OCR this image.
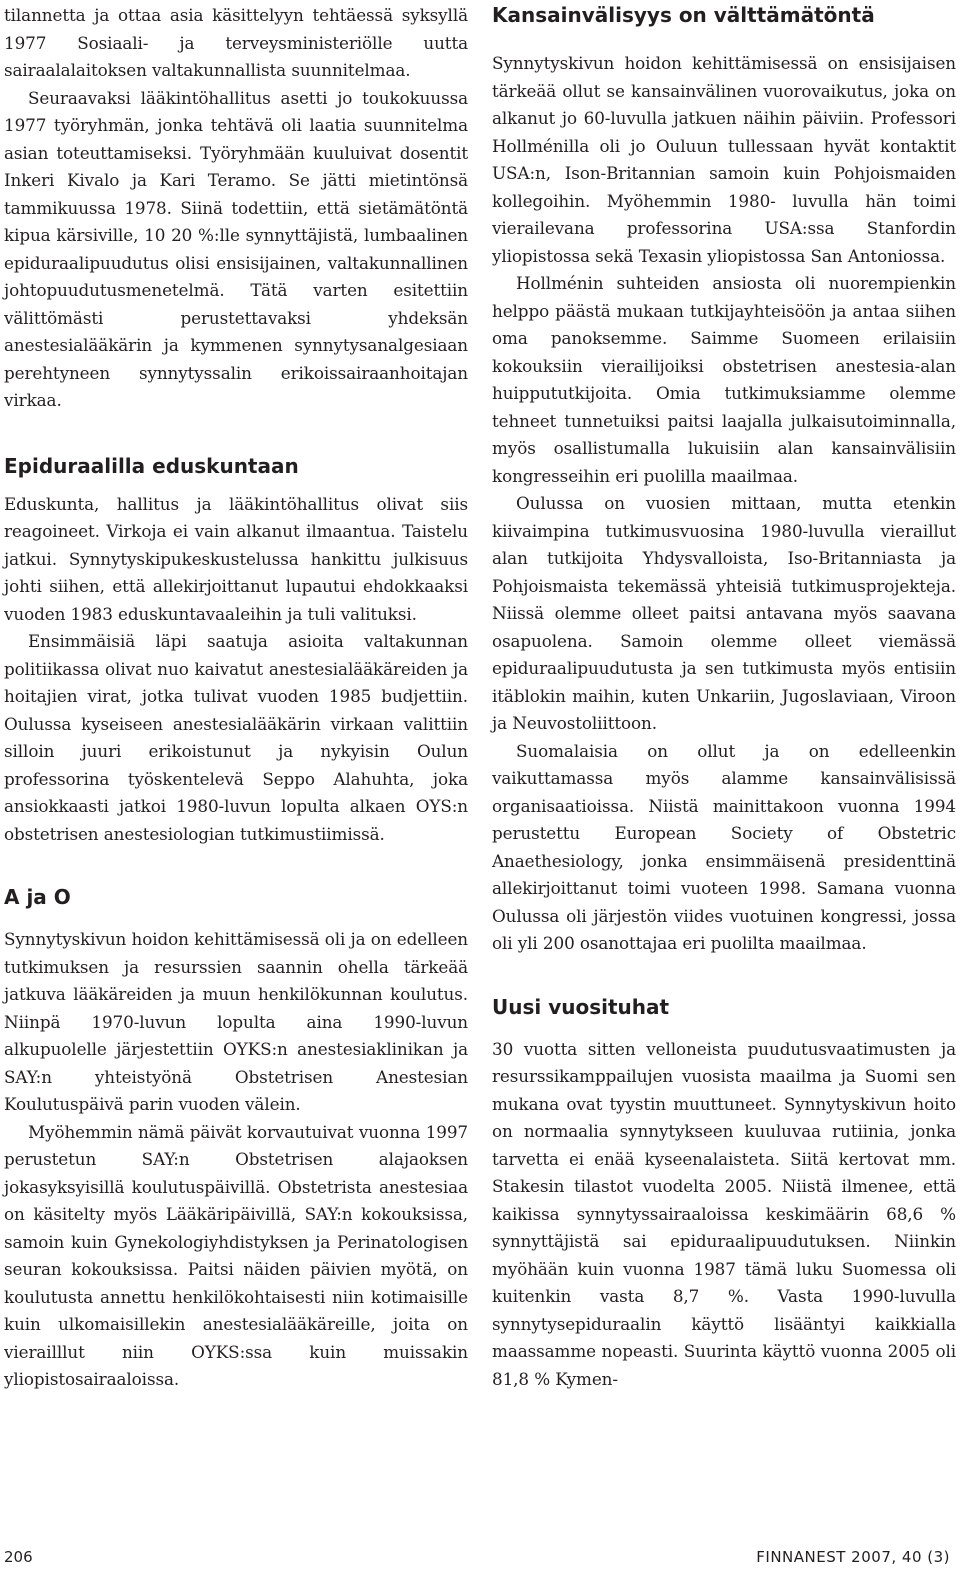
tilannetta ja ottaa asia käsittelyyn tehtäessä syksyllä 1977 Sosiaali- ja terveysministeriölle uutta sairaalalaitoksen valtakunnallista suunnitelmaa.

Seuraavaksi lääkintöhallitus asetti jo toukokuussa 1977 työryhmän, jonka tehtävä oli laatia suunnitelma asian toteuttamiseksi. Työryhmään kuuluivat dosentit Inkeri Kivalo ja Kari Teramo. Se jätti mietintönsä tammikuussa 1978. Siinä todettiin, että sietämätöntä kipua kärsiville, 10 20 %:lle synnyttäjistä, lumbaalinen epiduraalipuudutus olisi ensisijainen, valtakunnallinen johtopuudutusmenetelmä. Tätä varten esitettiin välittömästi perustettavaksi yhdeksän anestesialääkärin ja kymmenen synnytysanalgesiaan perehtyneen synnytyssalin erikoissairaanhoitajan virkaa.

Epiduraalilla eduskuntaan

Eduskunta, hallitus ja lääkintöhallitus olivat siis reagoineet. Virkoja ei vain alkanut ilmaantua. Taistelu jatkui. Synnytyskipukeskustelussa hankittu julkisuus johti siihen, että allekirjoittanut lupautui ehdokkaaksi vuoden 1983 eduskuntavaaleihin ja tuli valituksi.

Ensimmäisiä läpi saatuja asioita valtakunnan politiikassa olivat nuo kaivatut anestesialääkäreiden ja hoitajien virat, jotka tulivat vuoden 1985 budjettiin. Oulussa kyseiseen anestesialääkärin virkaan valittiin silloin juuri erikoistunut ja nykyisin Oulun professorina työskentelevä Seppo Alahuhta, joka ansiokkaasti jatkoi 1980-luvun lopulta alkaen OYS:n obstetrisen anestesiologian tutkimustiimissä.

A ja O

Synnytyskivun hoidon kehittämisessä oli ja on edelleen tutkimuksen ja resurssien saannin ohella tärkeää jatkuva lääkäreiden ja muun henkilökunnan koulutus. Niinpä 1970-luvun lopulta aina 1990-luvun alkupuolelle järjestettiin OYKS:n anestesiaklinikan ja SAY:n yhteistyönä Obstetrisen Anestesian Koulutuspäivä parin vuoden välein.

Myöhemmin nämä päivät korvautuivat vuonna 1997 perustetun SAY:n Obstetrisen alajaoksen jokasyksyisillä koulutuspäivillä. Obstetrista anestesiaa on käsitelty myös Lääkäripäivillä, SAY:n kokouksissa, samoin kuin Gynekologiyhdistyksen ja Perinatologisen seuran kokouksissa. Paitsi näiden päivien myötä, on koulutusta annettu henkilökohtaisesti niin kotimaisille kuin ulkomaisillekin anestesialääkäreille, joita on vierailllut niin OYKS:ssa kuin muissakin yliopistosairaaloissa.

Kansainvälisyys on välttämätöntä

Synnytyskivun hoidon kehittämisessä on ensisijaisen tärkeää ollut se kansainvälinen vuorovaikutus, joka on alkanut jo 60-luvulla jatkuen näihin päiviin. Professori Hollménilla oli jo Ouluun tullessaan hyvät kontaktit USA:n, Ison-Britannian samoin kuin Pohjoismaiden kollegoihin. Myöhemmin 1980- luvulla hän toimi vierailevana professorina USA:ssa Stanfordin yliopistossa sekä Texasin yliopistossa San Antoniossa.

Hollménin suhteiden ansiosta oli nuorempienkin helppo päästä mukaan tutkijayhteisöön ja antaa siihen oma panoksemme. Saimme Suomeen erilaisiin kokouksiin vierailijoiksi obstetrisen anestesia-alan huippututkijoita. Omia tutkimuksiamme olemme tehneet tunnetuiksi paitsi laajalla julkaisutoiminnalla, myös osallistumalla lukuisiin alan kansainvälisiin kongresseihin eri puolilla maailmaa.

Oulussa on vuosien mittaan, mutta etenkin kiivaimpina tutkimusvuosina 1980-luvulla vieraillut alan tutkijoita Yhdysvalloista, Iso-Britanniasta ja Pohjoismaista tekemässä yhteisiä tutkimusprojekteja. Niissä olemme olleet paitsi antavana myös saavana osapuolena. Samoin olemme olleet viemässä epiduraalipuudutusta ja sen tutkimusta myös entisiin itäblokin maihin, kuten Unkariin, Jugoslaviaan, Viroon ja Neuvostoliittoon.

Suomalaisia on ollut ja on edelleenkin vaikuttamassa myös alamme kansainvälisissä organisaatioissa. Niistä mainittakoon vuonna 1994 perustettu European Society of Obstetric Anaethesiology, jonka ensimmäisenä presidenttinä allekirjoittanut toimi vuoteen 1998. Samana vuonna Oulussa oli järjestön viides vuotuinen kongressi, jossa oli yli 200 osanottajaa eri puolilta maailmaa.

Uusi vuosituhat

30 vuotta sitten velloneista puudutusvaatimusten ja resurssikamppailujen vuosista maailma ja Suomi sen mukana ovat tyystin muuttuneet. Synnytyskivun hoito on normaalia synnytykseen kuuluvaa rutiinia, jonka tarvetta ei enää kyseenalaisteta. Siitä kertovat mm. Stakesin tilastot vuodelta 2005. Niistä ilmenee, että kaikissa synnytyssairaaloissa keskimäärin 68,6 % synnyttäjistä sai epiduraalipuudutuksen. Niinkin myöhään kuin vuonna 1987 tämä luku Suomessa oli kuitenkin vasta 8,7 %. Vasta 1990-luvulla synnytysepiduraalin käyttö lisääntyi kaikkialla maassamme nopeasti. Suurinta käyttö vuonna 2005 oli 81,8 % Kymen-

206	FINNANEST 2007, 40 (3)
